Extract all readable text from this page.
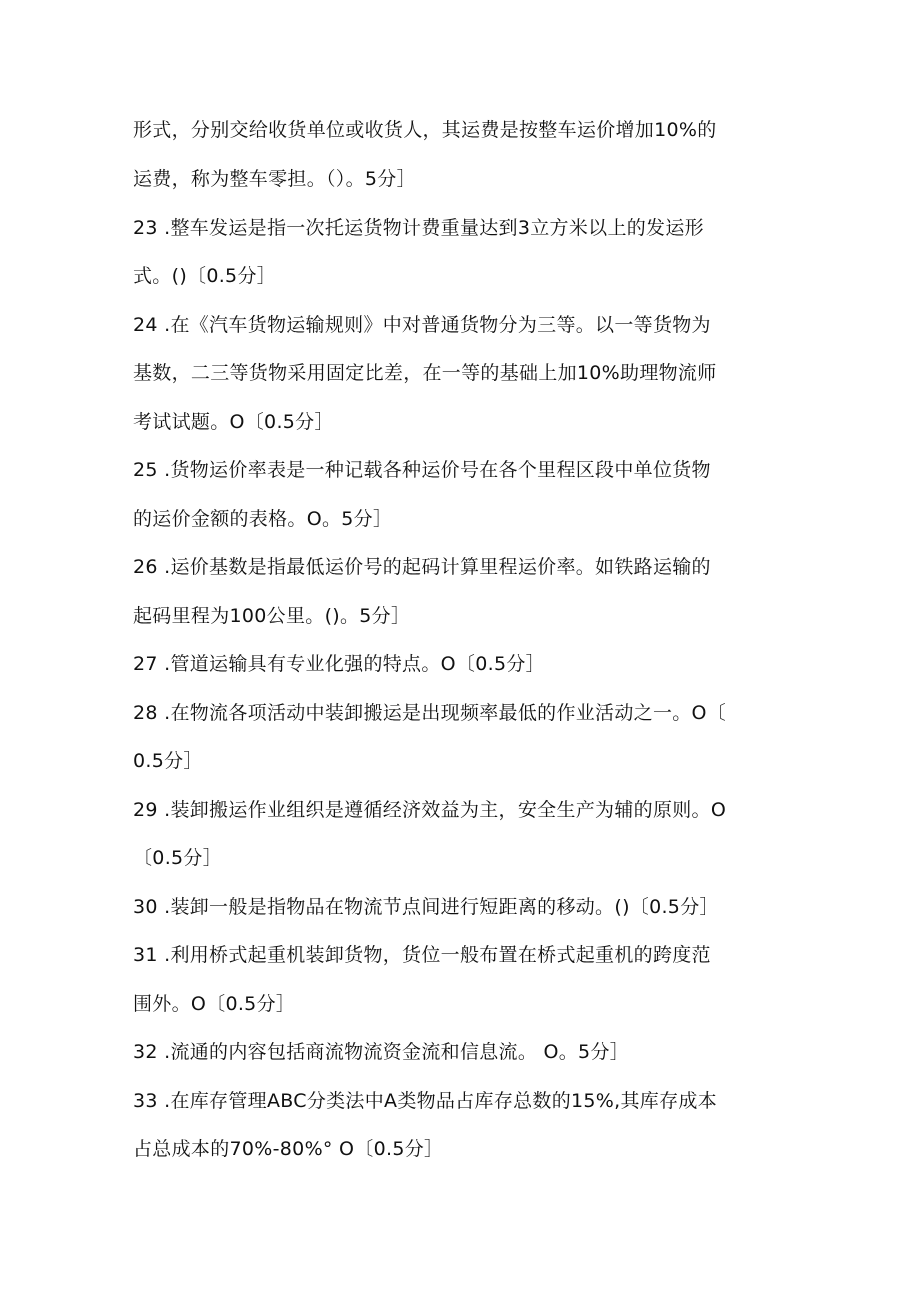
形式，分别交给收货单位或收货人，其运费是按整车运价增加10%的
运费，称为整车零担。（）。5分］
23 .整车发运是指一次托运货物计费重量达到3立方米以上的发运形
式。()〔0.5分］
24 .在《汽车货物运输规则》中对普通货物分为三等。以一等货物为
基数，二三等货物采用固定比差，在一等的基础上加10%助理物流师
考试试题。O〔0.5分］
25 .货物运价率表是一种记载各种运价号在各个里程区段中单位货物
的运价金额的表格。O。5分］
26 .运价基数是指最低运价号的起码计算里程运价率。如铁路运输的
起码里程为100公里。()。5分］
27 .管道运输具有专业化强的特点。O〔0.5分］
28 .在物流各项活动中装卸搬运是出现频率最低的作业活动之一。O〔
0.5分］
29 .装卸搬运作业组织是遵循经济效益为主，安全生产为辅的原则。O
〔0.5分］
30 .装卸一般是指物品在物流节点间进行短距离的移动。()〔0.5分］
31 .利用桥式起重机装卸货物，货位一般布置在桥式起重机的跨度范
围外。O〔0.5分］
32 .流通的内容包括商流物流资金流和信息流。 O。5分］
33 .在库存管理ABC分类法中A类物品占库存总数的15%,其库存成本
占总成本的70%-80%° O〔0.5分］
